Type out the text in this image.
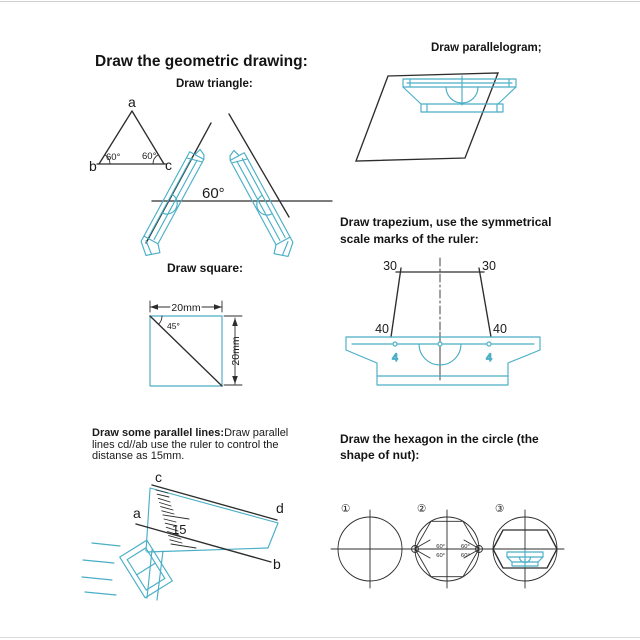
Draw the geometric drawing:
Draw triangle:
Draw parallelogram;
Draw trapezium, use the symmetrical
scale marks of the ruler:
Draw square:
Draw some parallel lines:Draw parallel lines cd//ab use the ruler to control the distanse as 15mm.
Draw the hexagon in the circle (the
shape of nut):
a
b	c
60° 60°
60°
30	30
40	40
4	4
45°
20mm
20mm
c
a	d
b
15
①	②
60°
60°
60°
60°
③
